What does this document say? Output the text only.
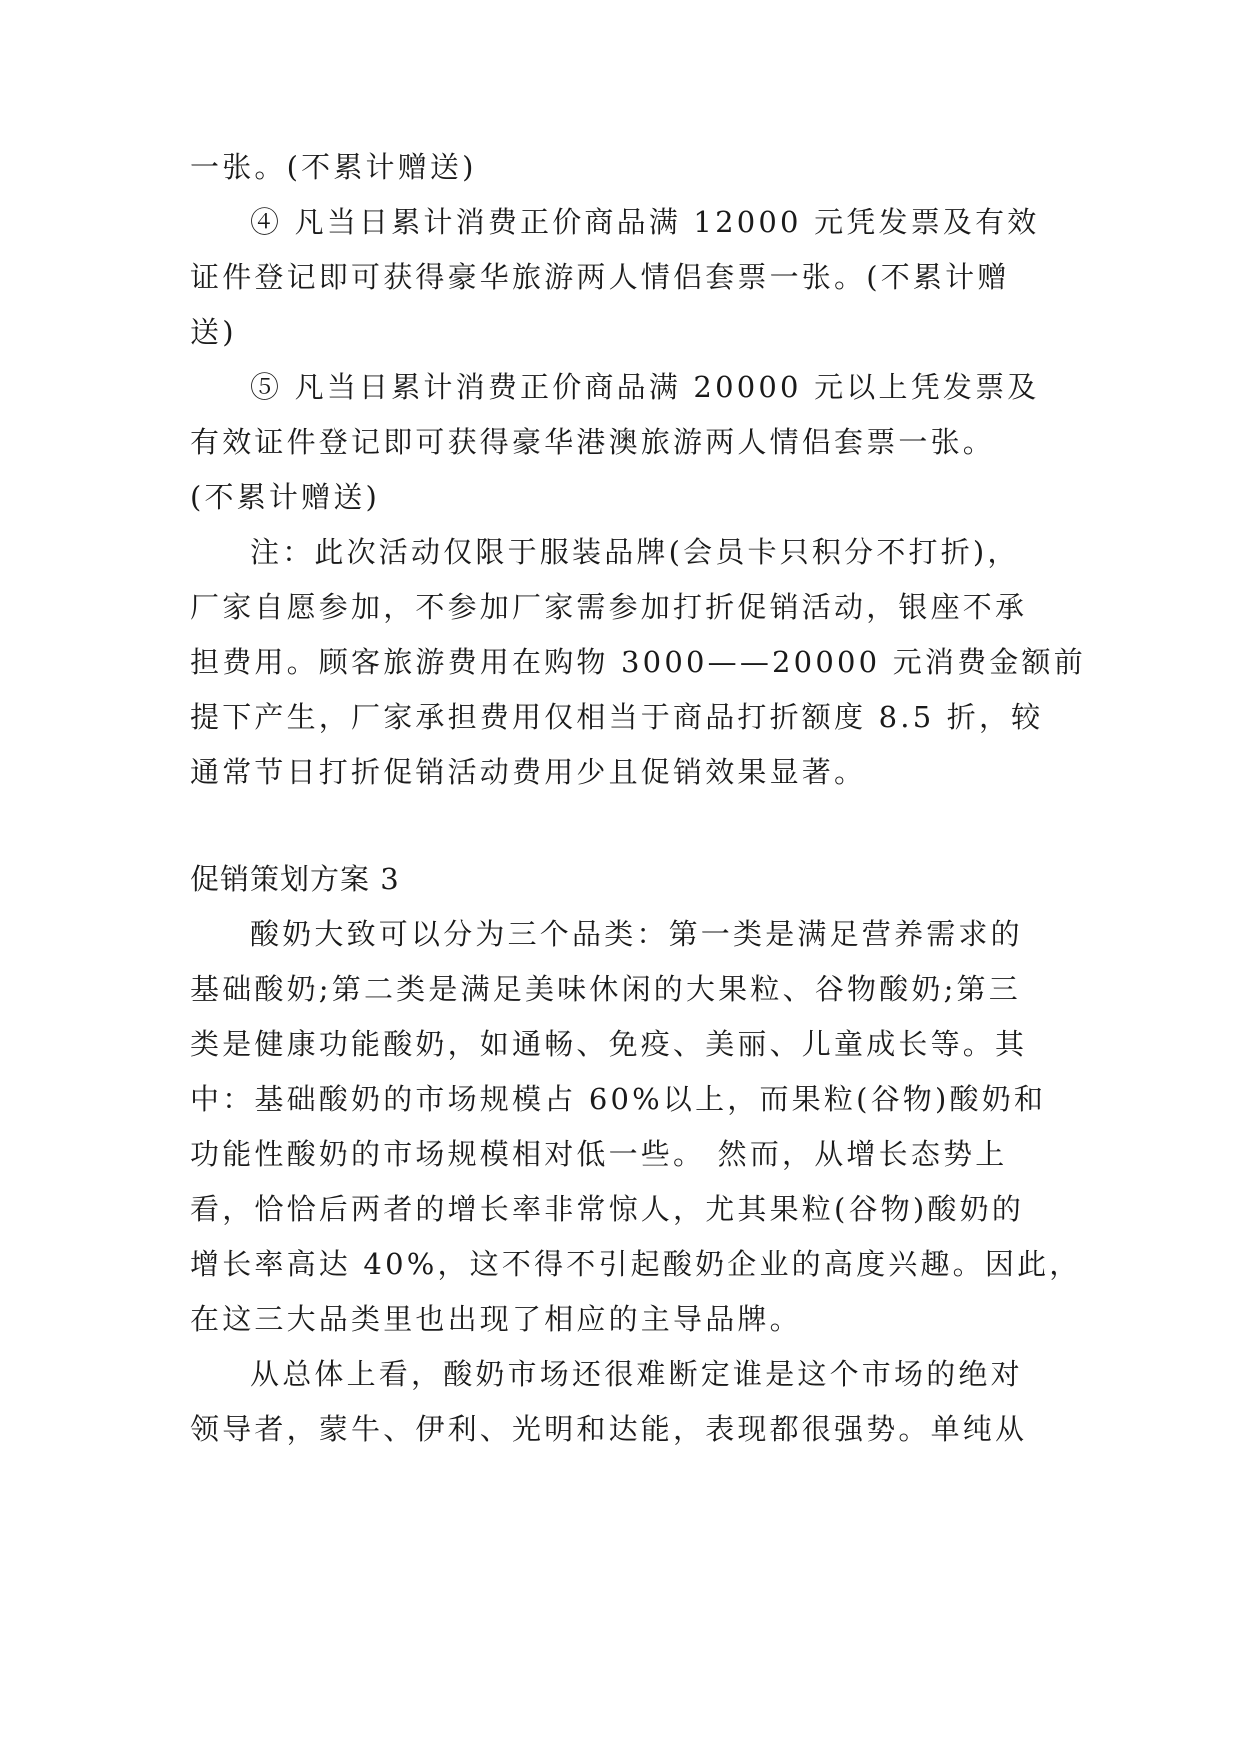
一张。(不累计赠送)
④ 凡当日累计消费正价商品满 12000 元凭发票及有效
证件登记即可获得豪华旅游两人情侣套票一张。(不累计赠
送)
⑤ 凡当日累计消费正价商品满 20000 元以上凭发票及
有效证件登记即可获得豪华港澳旅游两人情侣套票一张。
(不累计赠送)
注：此次活动仅限于服装品牌(会员卡只积分不打折)，
厂家自愿参加，不参加厂家需参加打折促销活动，银座不承
担费用。顾客旅游费用在购物 3000——20000 元消费金额前
提下产生，厂家承担费用仅相当于商品打折额度 8.5 折，较
通常节日打折促销活动费用少且促销效果显著。
促销策划方案 3
酸奶大致可以分为三个品类：第一类是满足营养需求的
基础酸奶;第二类是满足美味休闲的大果粒、谷物酸奶;第三
类是健康功能酸奶，如通畅、免疫、美丽、儿童成长等。其
中：基础酸奶的市场规模占 60%以上，而果粒(谷物)酸奶和
功能性酸奶的市场规模相对低一些。 然而，从增长态势上
看，恰恰后两者的增长率非常惊人，尤其果粒(谷物)酸奶的
增长率高达 40%，这不得不引起酸奶企业的高度兴趣。因此，
在这三大品类里也出现了相应的主导品牌。
从总体上看，酸奶市场还很难断定谁是这个市场的绝对
领导者，蒙牛、伊利、光明和达能，表现都很强势。单纯从
